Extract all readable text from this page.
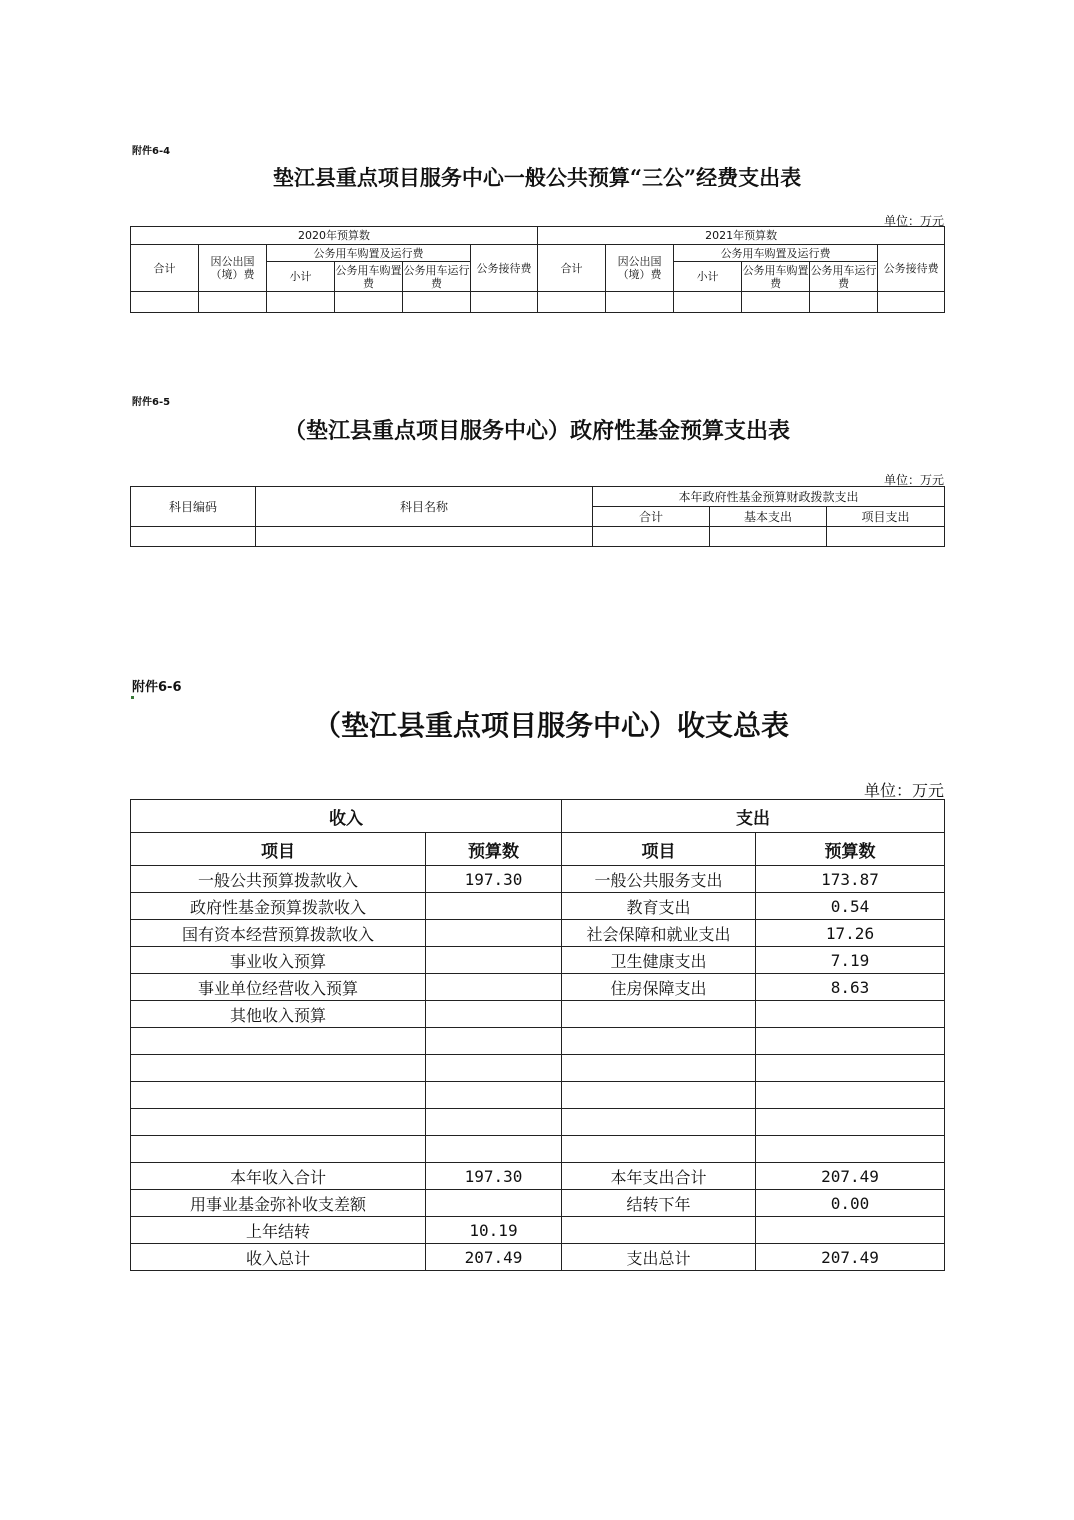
附件6-4
垫江县重点项目服务中心一般公共预算“三公”经费支出表
单位：万元
2020年预算数						2021年预算数					
合计	因公出国（境）费	公务用车购置及运行费			公务接待费	合计	因公出国（境）费	公务用车购置及运行费			公务接待费
		小计	公务用车购置费	公务用车运行费				小计	公务用车购置费	公务用车运行费	

附件6-5
（垫江县重点项目服务中心）政府性基金预算支出表
单位：万元
科目编码	科目名称	本年政府性基金预算财政拨款支出		
		合计	基本支出	项目支出

附件6-6
（垫江县重点项目服务中心）收支总表
单位：万元
收入		支出	
项目	预算数	项目	预算数
一般公共预算拨款收入	197.30	一般公共服务支出	173.87
政府性基金预算拨款收入		教育支出	0.54
国有资本经营预算拨款收入		社会保障和就业支出	17.26
事业收入预算		卫生健康支出	7.19
事业单位经营收入预算		住房保障支出	8.63
其他收入预算			

本年收入合计	197.30	本年支出合计	207.49
用事业基金弥补收支差额		结转下年	0.00
上年结转	10.19		
收入总计	207.49	支出总计	207.49
